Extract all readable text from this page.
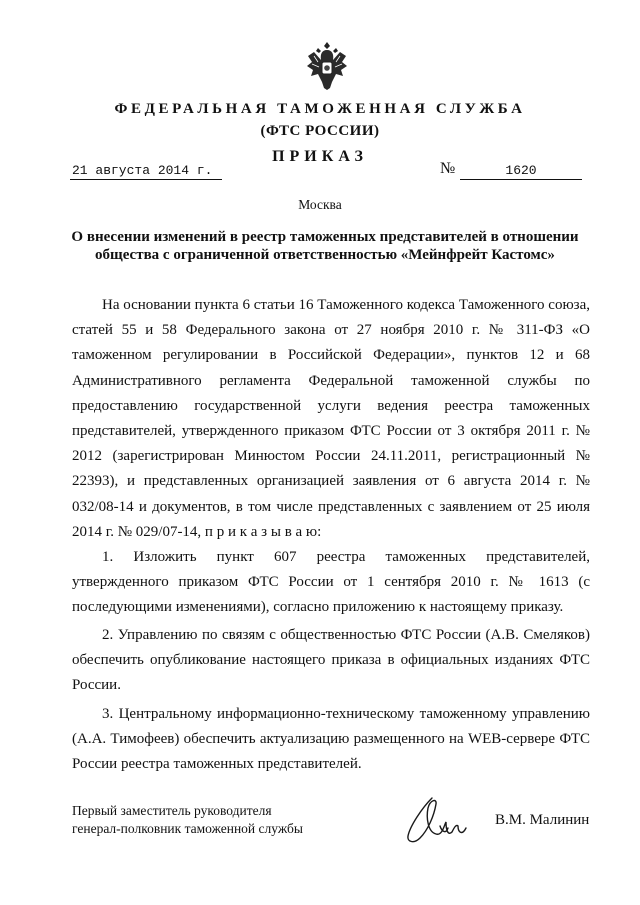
ФЕДЕРАЛЬНАЯ ТАМОЖЕННАЯ СЛУЖБА
(ФТС РОССИИ)
ПРИКАЗ
21 августа 2014 г.	№	1620
Москва
О внесении изменений в реестр таможенных представителей в отношении общества с ограниченной ответственностью «Мейнфрейт Кастомс»

На основании пункта 6 статьи 16 Таможенного кодекса Таможенного союза, статей 55 и 58 Федерального закона от 27 ноября 2010 г. № 311-ФЗ «О таможенном регулировании в Российской Федерации», пунктов 12 и 68 Административного регламента Федеральной таможенной службы по предоставлению государственной услуги ведения реестра таможенных представителей, утвержденного приказом ФТС России от 3 октября 2011 г. № 2012 (зарегистрирован Минюстом России 24.11.2011, регистрационный № 22393), и представленных организацией заявления от 6 августа 2014 г. № 032/08-14 и документов, в том числе представленных с заявлением от 25 июля 2014 г. № 029/07-14, п р и к а з ы в а ю:

1. Изложить пункт 607 реестра таможенных представителей, утвержденного приказом ФТС России от 1 сентября 2010 г. № 1613 (с последующими изменениями), согласно приложению к настоящему приказу.

2. Управлению по связям с общественностью ФТС России (А.В. Смеляков) обеспечить опубликование настоящего приказа в официальных изданиях ФТС России.

3. Центральному информационно-техническому таможенному управлению (А.А. Тимофеев) обеспечить актуализацию размещенного на WEB-сервере ФТС России реестра таможенных представителей.

Первый заместитель руководителя
генерал-полковник таможенной службы
В.М. Малинин
